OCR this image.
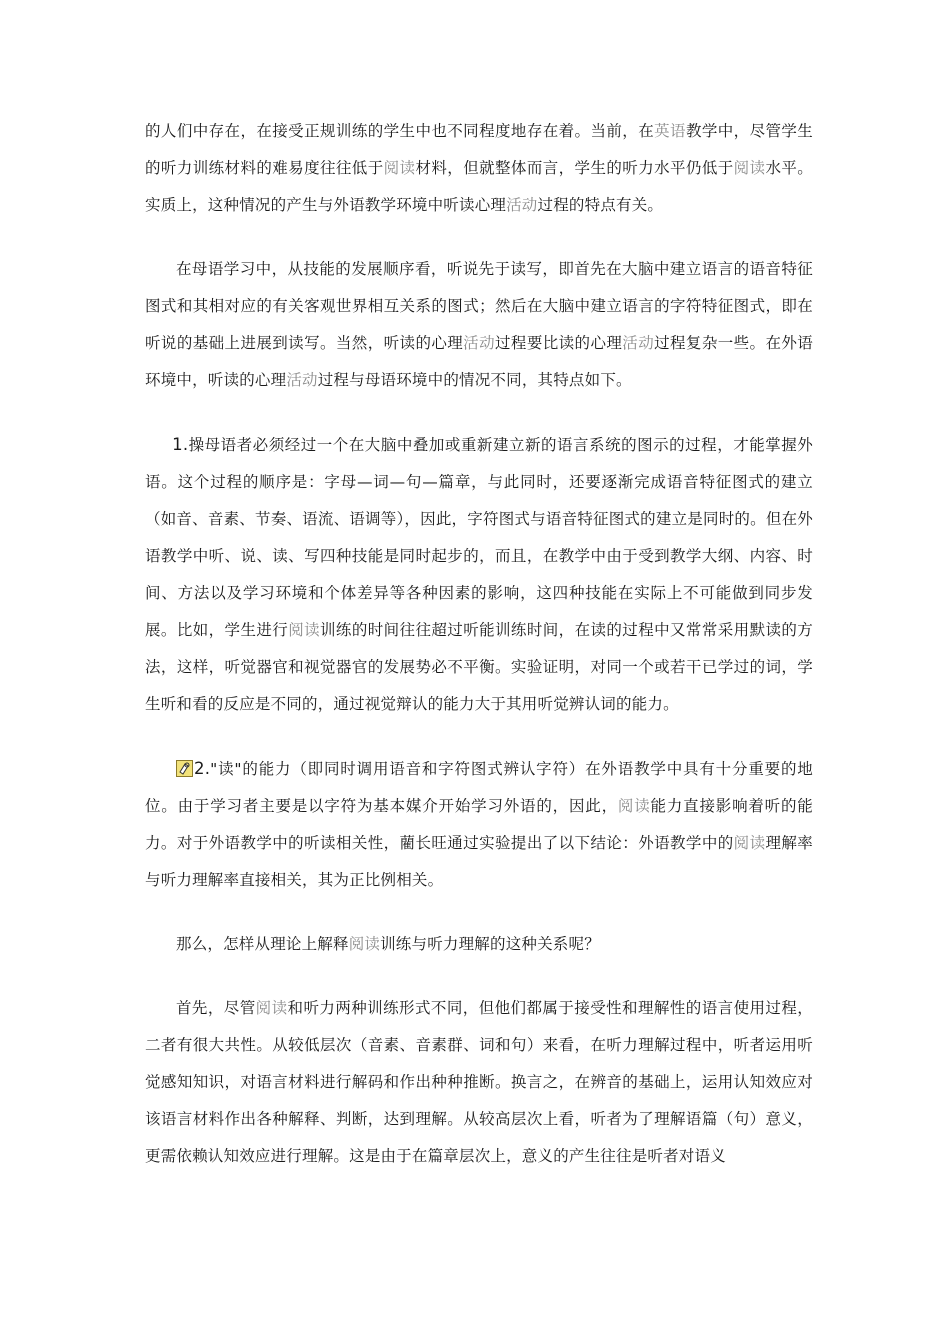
的人们中存在，在接受正规训练的学生中也不同程度地存在着。当前，在英语教学中，尽管学生的听力训练材料的难易度往往低于阅读材料，但就整体而言，学生的听力水平仍低于阅读水平。实质上，这种情况的产生与外语教学环境中听读心理活动过程的特点有关。

在母语学习中，从技能的发展顺序看，听说先于读写，即首先在大脑中建立语言的语音特征图式和其相对应的有关客观世界相互关系的图式；然后在大脑中建立语言的字符特征图式，即在听说的基础上进展到读写。当然，听读的心理活动过程要比读的心理活动过程复杂一些。在外语环境中，听读的心理活动过程与母语环境中的情况不同，其特点如下。

1.操母语者必须经过一个在大脑中叠加或重新建立新的语言系统的图示的过程，才能掌握外语。这个过程的顺序是：字母—词—句—篇章，与此同时，还要逐渐完成语音特征图式的建立（如音、音素、节奏、语流、语调等），因此，字符图式与语音特征图式的建立是同时的。但在外语教学中听、说、读、写四种技能是同时起步的，而且，在教学中由于受到教学大纲、内容、时间、方法以及学习环境和个体差异等各种因素的影响，这四种技能在实际上不可能做到同步发展。比如，学生进行阅读训练的时间往往超过听能训练时间，在读的过程中又常常采用默读的方法，这样，听觉器官和视觉器官的发展势必不平衡。实验证明，对同一个或若干已学过的词，学生听和看的反应是不同的，通过视觉辩认的能力大于其用听觉辨认词的能力。

2."读"的能力（即同时调用语音和字符图式辨认字符）在外语教学中具有十分重要的地位。由于学习者主要是以字符为基本媒介开始学习外语的，因此，阅读能力直接影响着听的能力。对于外语教学中的听读相关性，藺长旺通过实验提出了以下结论：外语教学中的阅读理解率与听力理解率直接相关，其为正比例相关。

那么，怎样从理论上解释阅读训练与听力理解的这种关系呢？

首先，尽管阅读和听力两种训练形式不同，但他们都属于接受性和理解性的语言使用过程，二者有很大共性。从较低层次（音素、音素群、词和句）来看，在听力理解过程中，听者运用听觉感知知识，对语言材料进行解码和作出种种推断。换言之，在辨音的基础上，运用认知效应对该语言材料作出各种解释、判断，达到理解。从较高层次上看，听者为了理解语篇（句）意义，更需依赖认知效应进行理解。这是由于在篇章层次上，意义的产生往往是听者对语义
